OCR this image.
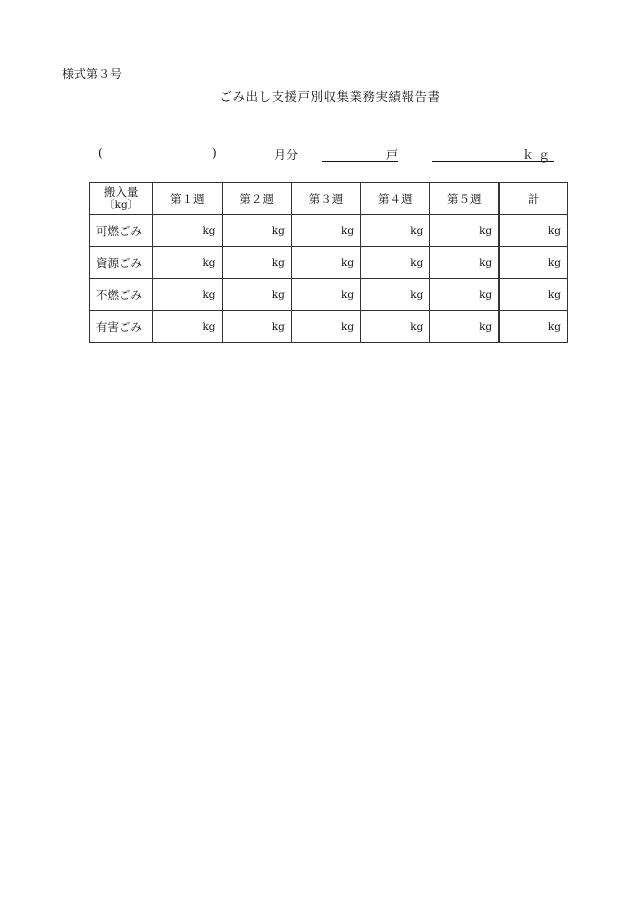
様式第３号
ごみ出し支援戸別収集業務実績報告書
(	)	月分	戸	ｋｇ
搬入量
〔kg〕	第１週	第２週	第３週	第４週	第５週	計
可燃ごみ	kg	kg	kg	kg	kg	kg
資源ごみ	kg	kg	kg	kg	kg	kg
不燃ごみ	kg	kg	kg	kg	kg	kg
有害ごみ	kg	kg	kg	kg	kg	kg
